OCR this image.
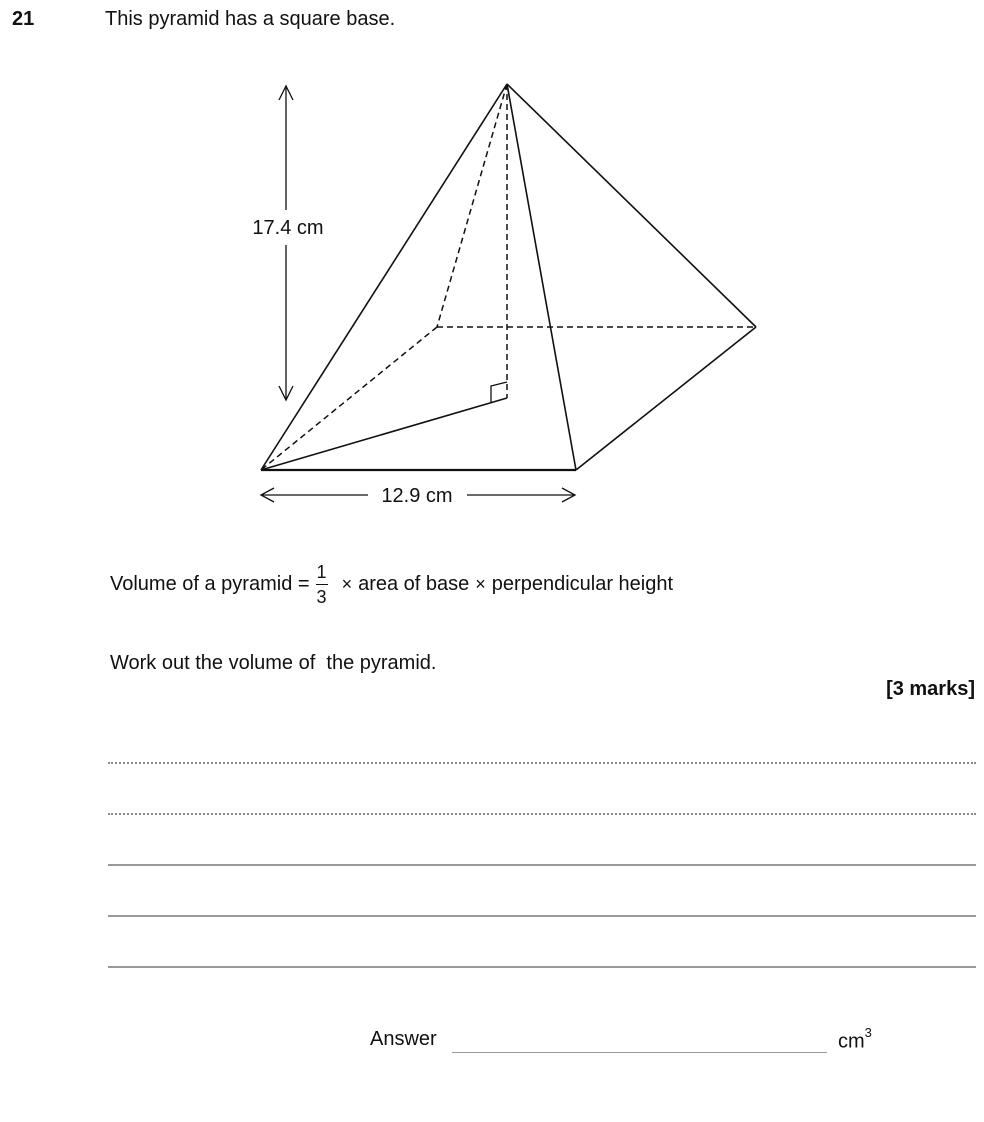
21	This pyramid has a square base.
17.4 cm
12.9 cm
Volume of a pyramid = $\frac{1}{3}$ × area of base × perpendicular height
Work out the volume of  the pyramid.
[3 marks]
Answer	$cm^3$
